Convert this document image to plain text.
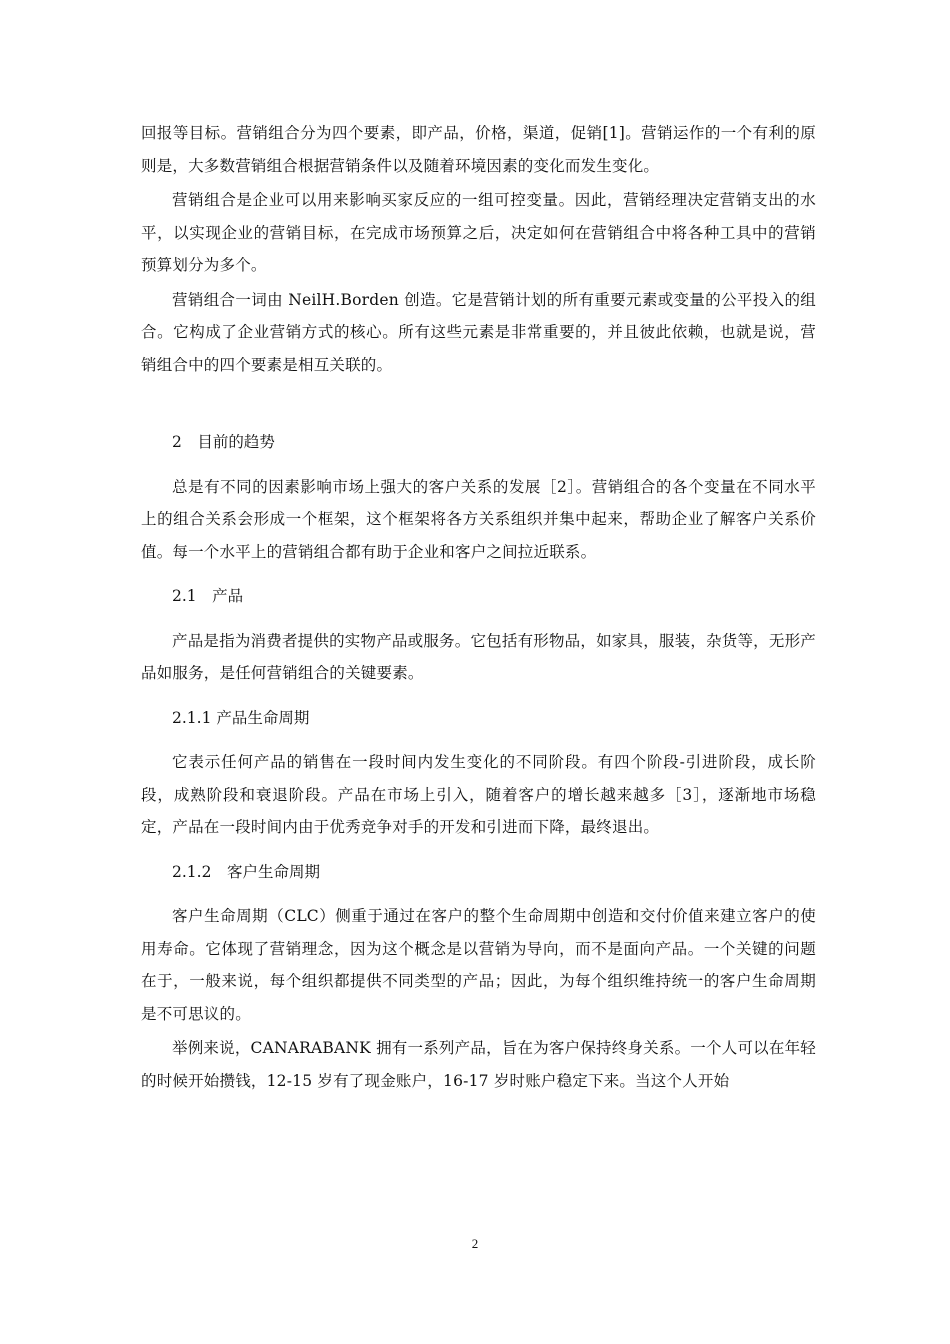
回报等目标。营销组合分为四个要素，即产品，价格，渠道，促销[1]。营销运作的一个有利的原则是，大多数营销组合根据营销条件以及随着环境因素的变化而发生变化。

营销组合是企业可以用来影响买家反应的一组可控变量。因此，营销经理决定营销支出的水平，以实现企业的营销目标，在完成市场预算之后，决定如何在营销组合中将各种工具中的营销预算划分为多个。

营销组合一词由 NeilH.Borden 创造。它是营销计划的所有重要元素或变量的公平投入的组合。它构成了企业营销方式的核心。所有这些元素是非常重要的，并且彼此依赖，也就是说，营销组合中的四个要素是相互关联的。

2　目前的趋势

总是有不同的因素影响市场上强大的客户关系的发展［2］。营销组合的各个变量在不同水平上的组合关系会形成一个框架，这个框架将各方关系组织并集中起来，帮助企业了解客户关系价值。每一个水平上的营销组合都有助于企业和客户之间拉近联系。

2.1　产品

产品是指为消费者提供的实物产品或服务。它包括有形物品，如家具，服装，杂货等，无形产品如服务，是任何营销组合的关键要素。

2.1.1 产品生命周期

它表示任何产品的销售在一段时间内发生变化的不同阶段。有四个阶段-引进阶段，成长阶段，成熟阶段和衰退阶段。产品在市场上引入，随着客户的增长越来越多［3］，逐渐地市场稳定，产品在一段时间内由于优秀竞争对手的开发和引进而下降，最终退出。

2.1.2　客户生命周期

客户生命周期（CLC）侧重于通过在客户的整个生命周期中创造和交付价值来建立客户的使用寿命。它体现了营销理念，因为这个概念是以营销为导向，而不是面向产品。一个关键的问题在于，一般来说，每个组织都提供不同类型的产品；因此，为每个组织维持统一的客户生命周期是不可思议的。

举例来说，CANARABANK 拥有一系列产品，旨在为客户保持终身关系。一个人可以在年轻的时候开始攒钱，12-15 岁有了现金账户，16-17 岁时账户稳定下来。当这个人开始

2
